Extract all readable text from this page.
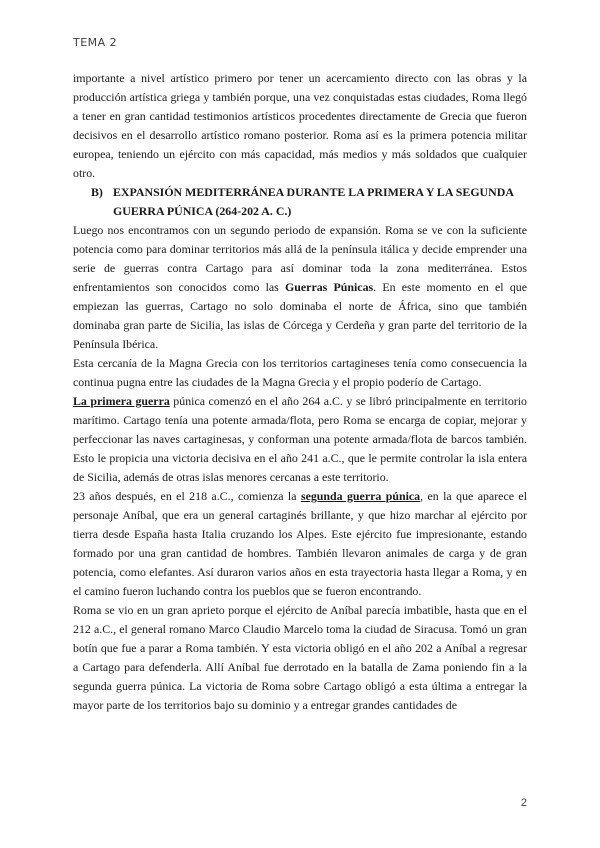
TEMA 2

importante a nivel artístico primero por tener un acercamiento directo con las obras y la producción artística griega y también porque, una vez conquistadas estas ciudades, Roma llegó a tener en gran cantidad testimonios artísticos procedentes directamente de Grecia que fueron decisivos en el desarrollo artístico romano posterior. Roma así es la primera potencia militar europea, teniendo un ejército con más capacidad, más medios y más soldados que cualquier otro.

B) EXPANSIÓN MEDITERRÁNEA DURANTE LA PRIMERA Y LA SEGUNDA GUERRA PÚNICA (264-202 A. C.)

Luego nos encontramos con un segundo periodo de expansión. Roma se ve con la suficiente potencia como para dominar territorios más allá de la península itálica y decide emprender una serie de guerras contra Cartago para así dominar toda la zona mediterránea. Estos enfrentamientos son conocidos como las Guerras Púnicas. En este momento en el que empiezan las guerras, Cartago no solo dominaba el norte de África, sino que también dominaba gran parte de Sicilia, las islas de Córcega y Cerdeña y gran parte del territorio de la Península Ibérica.

Esta cercanía de la Magna Grecia con los territorios cartagineses tenía como consecuencia la continua pugna entre las ciudades de la Magna Grecia y el propio poderío de Cartago.

La primera guerra púnica comenzó en el año 264 a.C. y se libró principalmente en territorio marítimo. Cartago tenía una potente armada/flota, pero Roma se encarga de copiar, mejorar y perfeccionar las naves cartaginesas, y conforman una potente armada/flota de barcos también. Esto le propicia una victoria decisiva en el año 241 a.C., que le permite controlar la isla entera de Sicilia, además de otras islas menores cercanas a este territorio.

23 años después, en el 218 a.C., comienza la segunda guerra púnica, en la que aparece el personaje Aníbal, que era un general cartaginés brillante, y que hizo marchar al ejército por tierra desde España hasta Italia cruzando los Alpes. Este ejército fue impresionante, estando formado por una gran cantidad de hombres. También llevaron animales de carga y de gran potencia, como elefantes. Así duraron varios años en esta trayectoria hasta llegar a Roma, y en el camino fueron luchando contra los pueblos que se fueron encontrando.

Roma se vio en un gran aprieto porque el ejército de Aníbal parecía imbatible, hasta que en el 212 a.C., el general romano Marco Claudio Marcelo toma la ciudad de Siracusa. Tomó un gran botín que fue a parar a Roma también. Y esta victoria obligó en el año 202 a Aníbal a regresar a Cartago para defenderla. Allí Aníbal fue derrotado en la batalla de Zama poniendo fin a la segunda guerra púnica. La victoria de Roma sobre Cartago obligó a esta última a entregar la mayor parte de los territorios bajo su dominio y a entregar grandes cantidades de

2
